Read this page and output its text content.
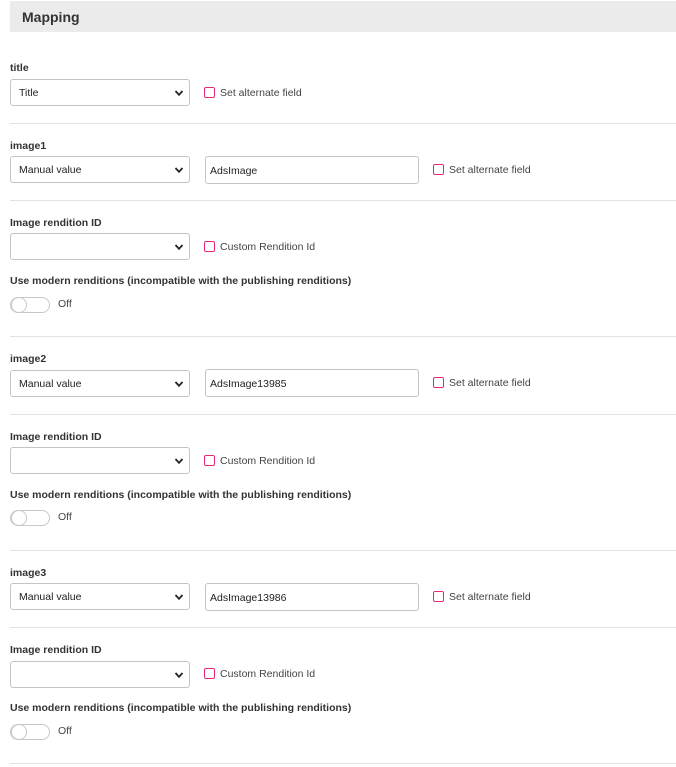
Mapping
title
Title	Set alternate field
image1
Manual value	AdsImage	Set alternate field
Image rendition ID
Custom Rendition Id
Use modern renditions (incompatible with the publishing renditions)
Off
image2
Manual value	AdsImage13985	Set alternate field
Image rendition ID
Custom Rendition Id
Use modern renditions (incompatible with the publishing renditions)
Off
image3
Manual value	AdsImage13986	Set alternate field
Image rendition ID
Custom Rendition Id
Use modern renditions (incompatible with the publishing renditions)
Off
